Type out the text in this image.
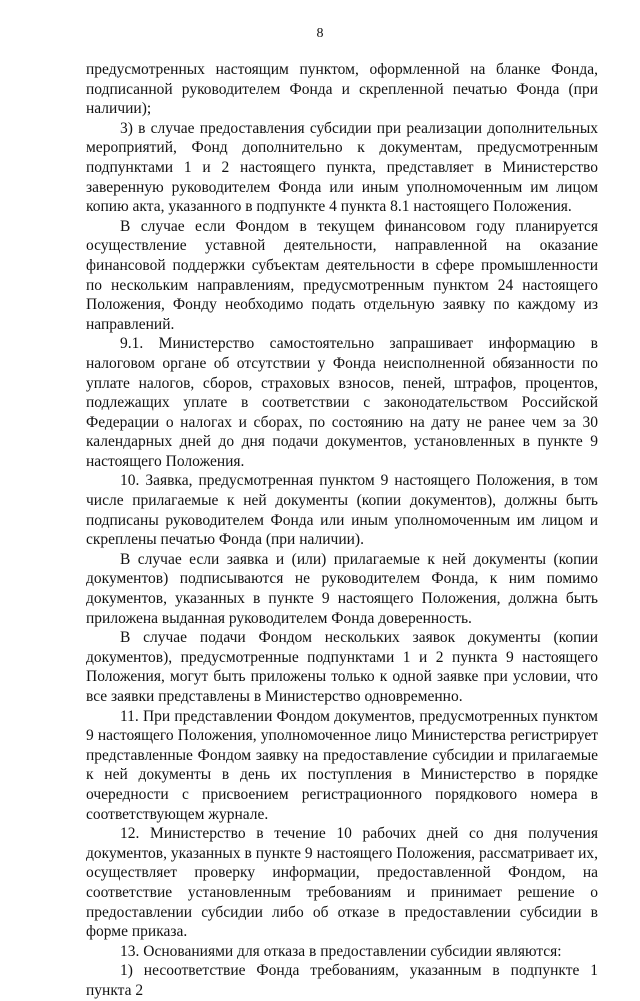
8

предусмотренных настоящим пунктом, оформленной на бланке Фонда, подписанной руководителем Фонда и скрепленной печатью Фонда (при наличии);

3) в случае предоставления субсидии при реализации дополнительных мероприятий, Фонд дополнительно к документам, предусмотренным подпунктами 1 и 2 настоящего пункта, представляет в Министерство заверенную руководителем Фонда или иным уполномоченным им лицом копию акта, указанного в подпункте 4 пункта 8.1 настоящего Положения.

В случае если Фондом в текущем финансовом году планируется осуществление уставной деятельности, направленной на оказание финансовой поддержки субъектам деятельности в сфере промышленности по нескольким направлениям, предусмотренным пунктом 24 настоящего Положения, Фонду необходимо подать отдельную заявку по каждому из направлений.

9.1. Министерство самостоятельно запрашивает информацию в налоговом органе об отсутствии у Фонда неисполненной обязанности по уплате налогов, сборов, страховых взносов, пеней, штрафов, процентов, подлежащих уплате в соответствии с законодательством Российской Федерации о налогах и сборах, по состоянию на дату не ранее чем за 30 календарных дней до дня подачи документов, установленных в пункте 9 настоящего Положения.

10. Заявка, предусмотренная пунктом 9 настоящего Положения, в том числе прилагаемые к ней документы (копии документов), должны быть подписаны руководителем Фонда или иным уполномоченным им лицом и скреплены печатью Фонда (при наличии).

В случае если заявка и (или) прилагаемые к ней документы (копии документов) подписываются не руководителем Фонда, к ним помимо документов, указанных в пункте 9 настоящего Положения, должна быть приложена выданная руководителем Фонда доверенность.

В случае подачи Фондом нескольких заявок документы (копии документов), предусмотренные подпунктами 1 и 2 пункта 9 настоящего Положения, могут быть приложены только к одной заявке при условии, что все заявки представлены в Министерство одновременно.

11. При представлении Фондом документов, предусмотренных пунктом 9 настоящего Положения, уполномоченное лицо Министерства регистрирует представленные Фондом заявку на предоставление субсидии и прилагаемые к ней документы в день их поступления в Министерство в порядке очередности с присвоением регистрационного порядкового номера в соответствующем журнале.

12. Министерство в течение 10 рабочих дней со дня получения документов, указанных в пункте 9 настоящего Положения, рассматривает их, осуществляет проверку информации, предоставленной Фондом, на соответствие установленным требованиям и принимает решение о предоставлении субсидии либо об отказе в предоставлении субсидии в форме приказа.

13. Основаниями для отказа в предоставлении субсидии являются:

1) несоответствие Фонда требованиям, указанным в подпункте 1 пункта 2
